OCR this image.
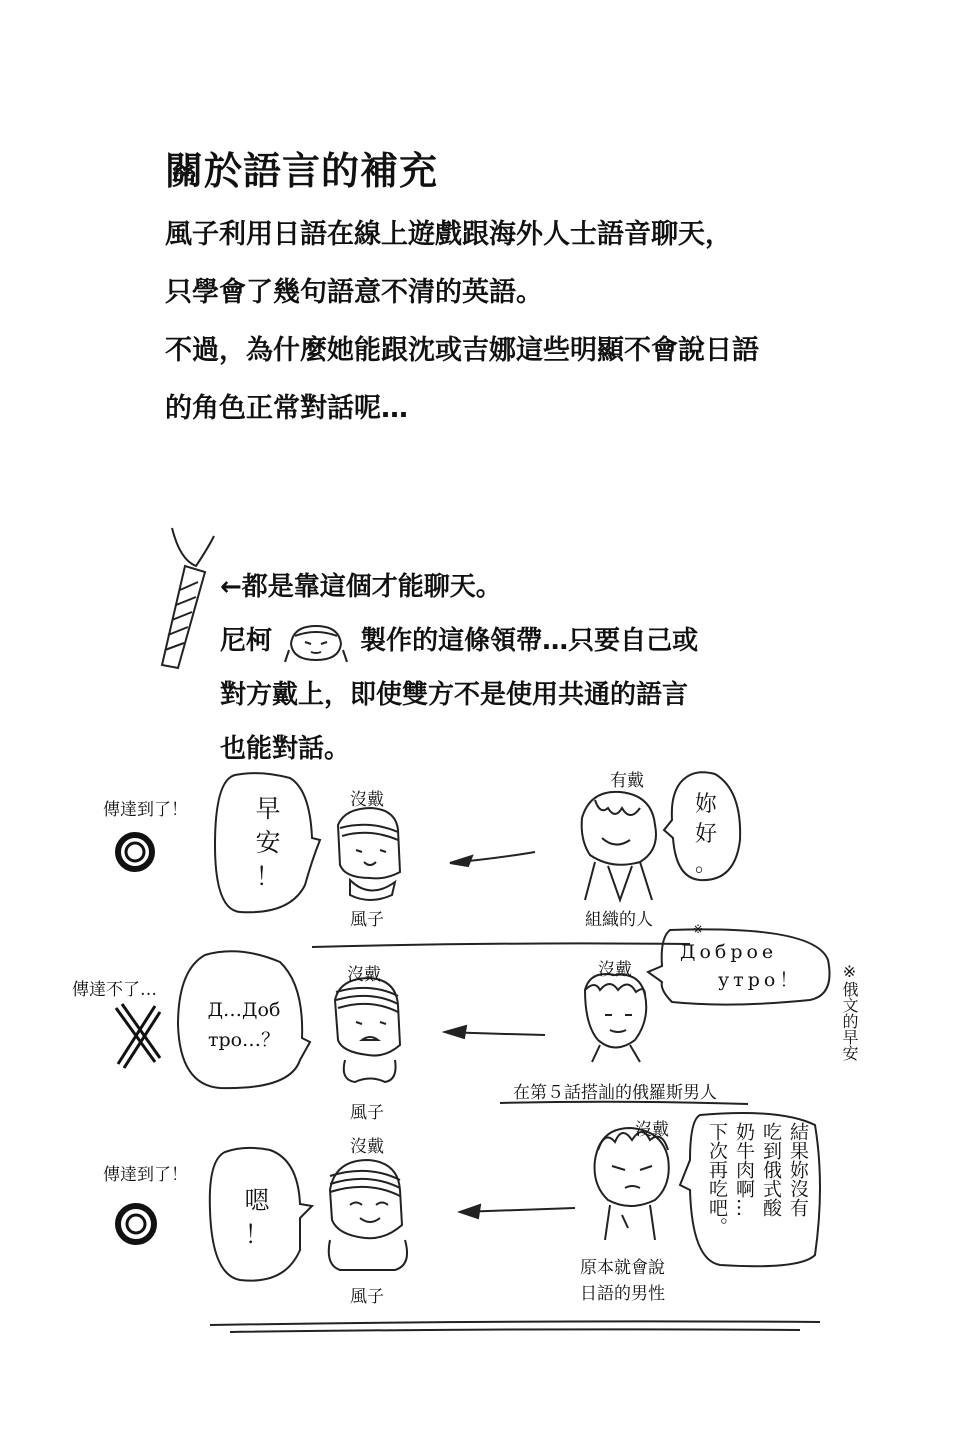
關於語言的補充
風子利用日語在線上遊戲跟海外人士語音聊天，
只學會了幾句語意不清的英語。
不過，為什麼她能跟沈或吉娜這些明顯不會說日語
的角色正常對話呢…
←都是靠這個才能聊天。
尼柯	製作的這條領帶…只要自己或
對方戴上，即使雙方不是使用共通的語言
也能對話。
傳達到了！	早
安
！
沒戴
風子
有戴
組織的人
妳
好
。
傳達不了…
Д…Доб
тро…？
沒戴
風子
沒戴
在第５話搭訕的俄羅斯男人
※
Доброе
утро！
傳達到了！
嗯
！
沒戴
風子
沒戴
原本就會說
日語的男性
結果妳沒有
吃到俄式酸
奶牛肉啊…
下次再吃吧。
※俄文的早安
